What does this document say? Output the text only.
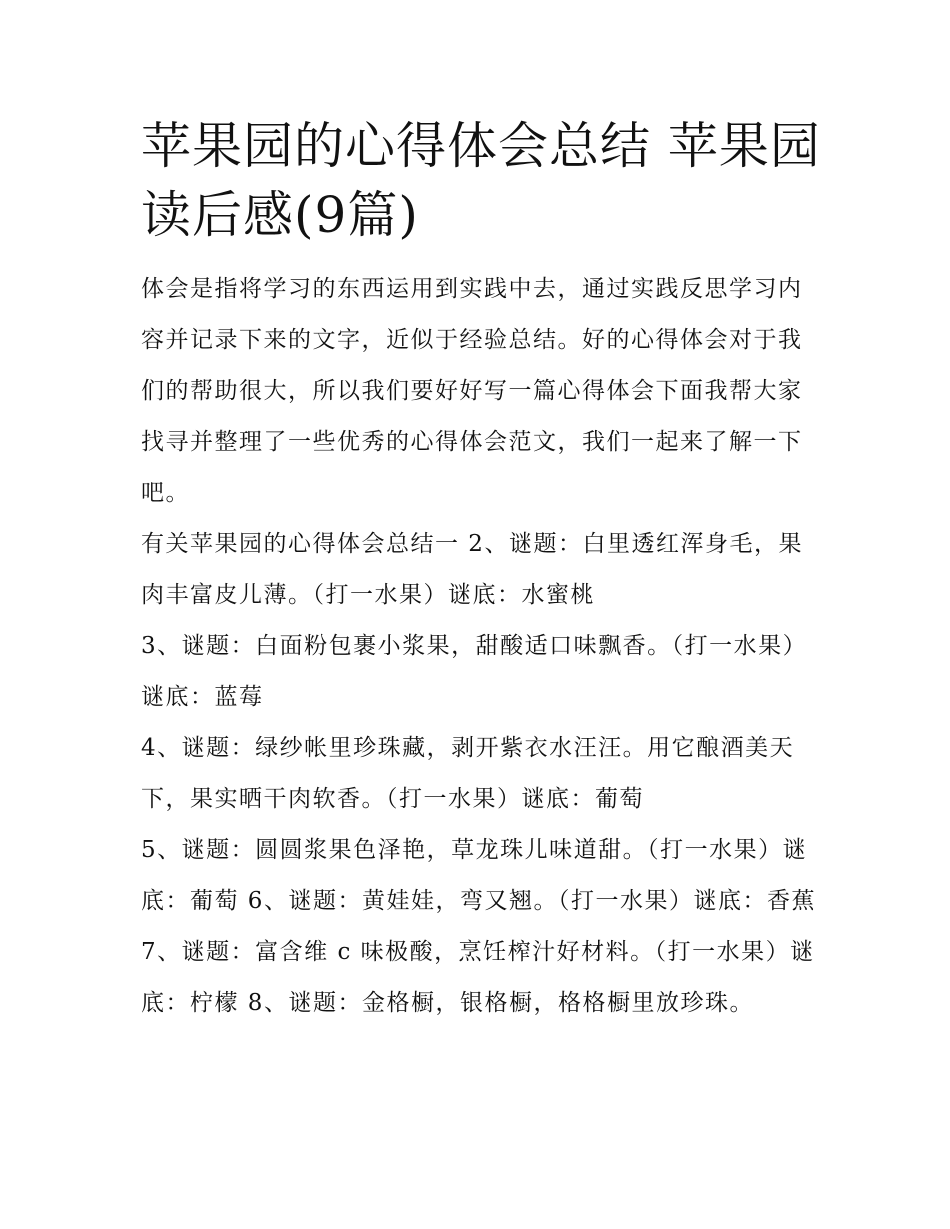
苹果园的心得体会总结 苹果园读后感(9篇)

体会是指将学习的东西运用到实践中去，通过实践反思学习内容并记录下来的文字，近似于经验总结。好的心得体会对于我们的帮助很大，所以我们要好好写一篇心得体会下面我帮大家找寻并整理了一些优秀的心得体会范文，我们一起来了解一下吧。

有关苹果园的心得体会总结一 2、谜题：白里透红浑身毛，果肉丰富皮儿薄。（打一水果）谜底：水蜜桃

3、谜题：白面粉包裹小浆果，甜酸适口味飘香。（打一水果）谜底：蓝莓

4、谜题：绿纱帐里珍珠藏，剥开紫衣水汪汪。用它酿酒美天下，果实晒干肉软香。（打一水果）谜底：葡萄

5、谜题：圆圆浆果色泽艳，草龙珠儿味道甜。（打一水果）谜底：葡萄 6、谜题：黄娃娃，弯又翘。（打一水果）谜底：香蕉

7、谜题：富含维 c 味极酸，烹饪榨汁好材料。（打一水果）谜底：柠檬 8、谜题：金格橱，银格橱，格格橱里放珍珠。
